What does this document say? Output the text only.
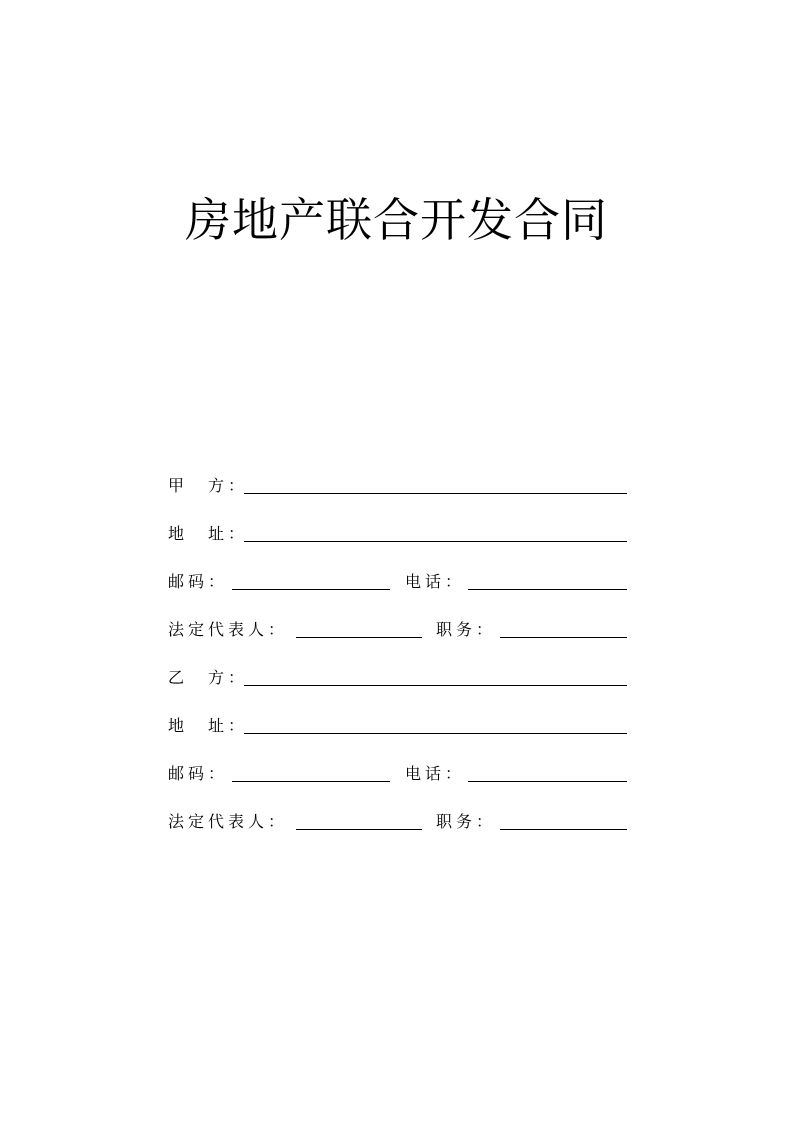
房地产联合开发合同
甲　方：
地　址：
邮码：	电话：
法定代表人：	职务：
乙　方：
地　址：
邮码：	电话：
法定代表人：	职务：
